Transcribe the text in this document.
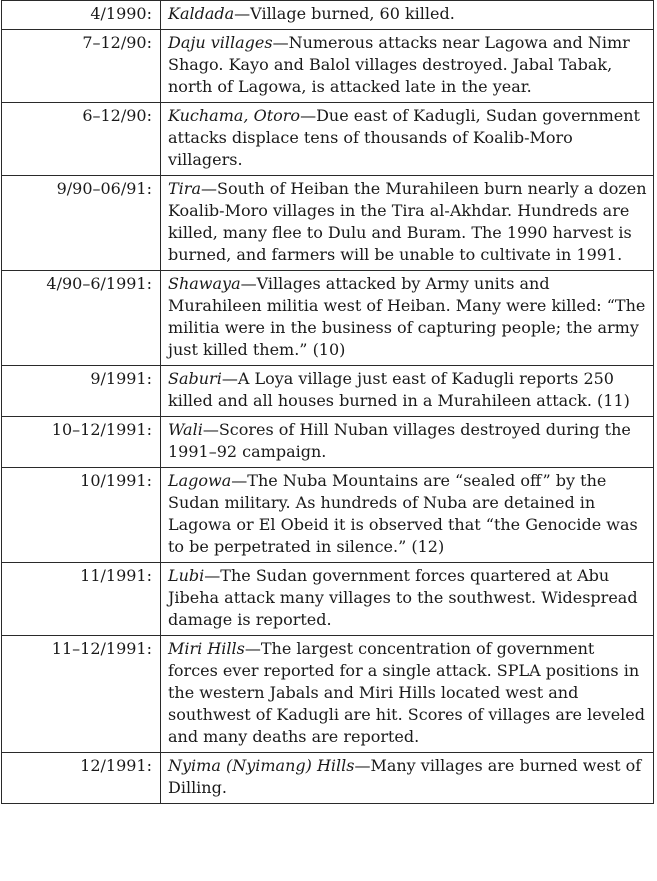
4/1990:	Kaldada—Village burned, 60 killed.
7–12/90:	Daju villages—Numerous attacks near Lagowa and Nimr Shago. Kayo and Balol villages destroyed. Jabal Tabak, north of Lagowa, is attacked late in the year.
6–12/90:	Kuchama, Otoro—Due east of Kadugli, Sudan government attacks displace tens of thousands of Koalib-Moro villagers.
9/90–06/91:	Tira—South of Heiban the Murahileen burn nearly a dozen Koalib-Moro villages in the Tira al-Akhdar. Hundreds are killed, many flee to Dulu and Buram. The 1990 harvest is burned, and farmers will be unable to cultivate in 1991.
4/90–6/1991:	Shawaya—Villages attacked by Army units and Murahileen militia west of Heiban. Many were killed: “The militia were in the business of capturing people; the army just killed them.” (10)
9/1991:	Saburi—A Loya village just east of Kadugli reports 250 killed and all houses burned in a Murahileen attack. (11)
10–12/1991:	Wali—Scores of Hill Nuban villages destroyed during the 1991–92 campaign.
10/1991:	Lagowa—The Nuba Mountains are “sealed off” by the Sudan military. As hundreds of Nuba are detained in Lagowa or El Obeid it is observed that “the Genocide was to be perpetrated in silence.” (12)
11/1991:	Lubi—The Sudan government forces quartered at Abu Jibeha attack many villages to the southwest. Widespread damage is reported.
11–12/1991:	Miri Hills—The largest concentration of government forces ever reported for a single attack. SPLA positions in the western Jabals and Miri Hills located west and southwest of Kadugli are hit. Scores of villages are leveled and many deaths are reported.
12/1991:	Nyima (Nyimang) Hills—Many villages are burned west of Dilling.
